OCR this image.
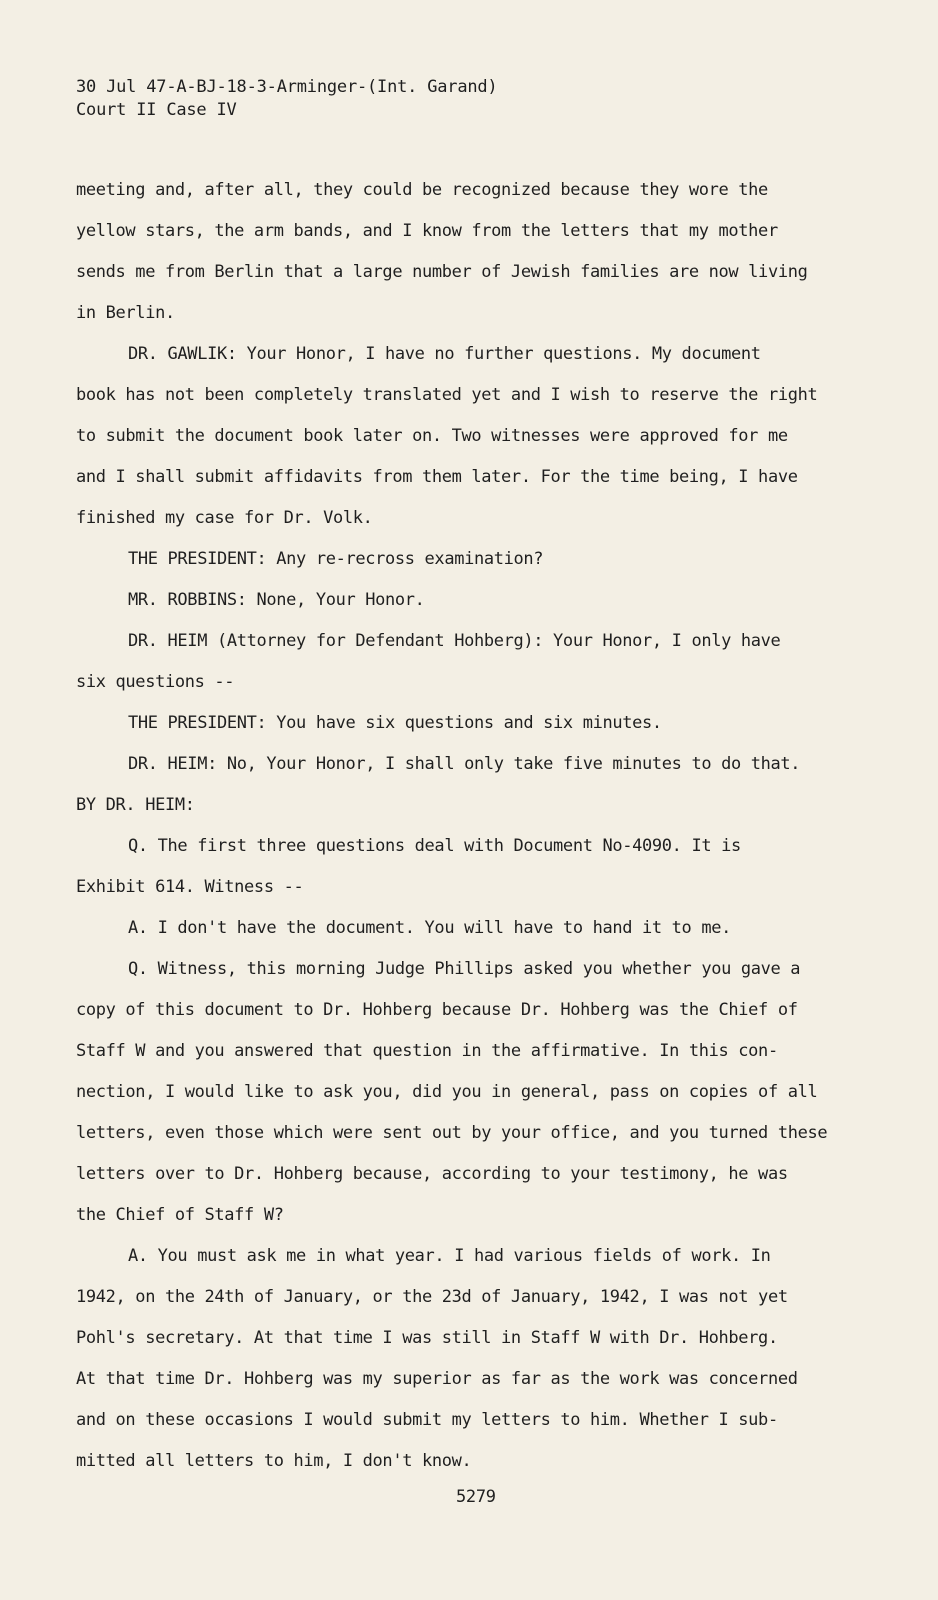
30 Jul 47-A-BJ-18-3-Arminger-(Int. Garand)
Court II Case IV
meeting and, after all, they could be recognized because they wore the
yellow stars, the arm bands, and I know from the letters that my mother
sends me from Berlin that a large number of Jewish families are now living
in Berlin.
DR. GAWLIK: Your Honor, I have no further questions. My document
book has not been completely translated yet and I wish to reserve the right
to submit the document book later on. Two witnesses were approved for me
and I shall submit affidavits from them later. For the time being, I have
finished my case for Dr. Volk.
THE PRESIDENT: Any re-recross examination?
MR. ROBBINS: None, Your Honor.
DR. HEIM (Attorney for Defendant Hohberg): Your Honor, I only have
six questions --
THE PRESIDENT: You have six questions and six minutes.
DR. HEIM: No, Your Honor, I shall only take five minutes to do that.
BY DR. HEIM:
Q. The first three questions deal with Document No-4090. It is
Exhibit 614. Witness --
A. I don't have the document. You will have to hand it to me.
Q. Witness, this morning Judge Phillips asked you whether you gave a
copy of this document to Dr. Hohberg because Dr. Hohberg was the Chief of
Staff W and you answered that question in the affirmative. In this con-
nection, I would like to ask you, did you in general, pass on copies of all
letters, even those which were sent out by your office, and you turned these
letters over to Dr. Hohberg because, according to your testimony, he was
the Chief of Staff W?
A. You must ask me in what year. I had various fields of work. In
1942, on the 24th of January, or the 23d of January, 1942, I was not yet
Pohl's secretary. At that time I was still in Staff W with Dr. Hohberg.
At that time Dr. Hohberg was my superior as far as the work was concerned
and on these occasions I would submit my letters to him. Whether I sub-
mitted all letters to him, I don't know.
5279
